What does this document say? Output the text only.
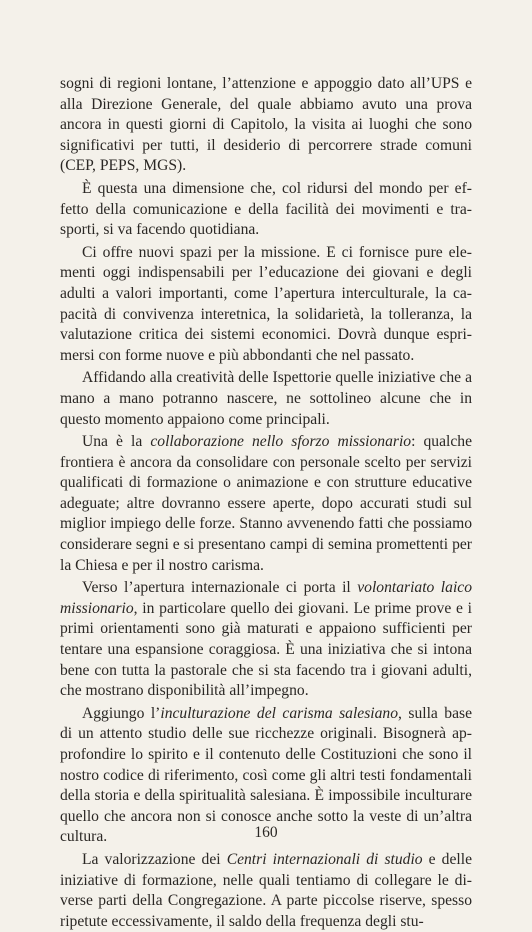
sogni di regioni lontane, l’attenzione e appoggio dato all’UPS e alla Direzione Generale, del quale abbiamo avuto una prova ancora in questi giorni di Capitolo, la visita ai luoghi che sono significativi per tutti, il desiderio di percorrere strade comuni (CEP, PEPS, MGS).

È questa una dimensione che, col ridursi del mondo per effetto della comunicazione e della facilità dei movimenti e trasporti, si va facendo quotidiana.

Ci offre nuovi spazi per la missione. E ci fornisce pure elementi oggi indispensabili per l’educazione dei giovani e degli adulti a valori importanti, come l’apertura interculturale, la capacità di convivenza interetnica, la solidarietà, la tolleranza, la valutazione critica dei sistemi economici. Dovrà dunque esprimersi con forme nuove e più abbondanti che nel passato.

Affidando alla creatività delle Ispettorie quelle iniziative che a mano a mano potranno nascere, ne sottolineo alcune che in questo momento appaiono come principali.

Una è la collaborazione nello sforzo missionario: qualche frontiera è ancora da consolidare con personale scelto per servizi qualificati di formazione o animazione e con strutture educative adeguate; altre dovranno essere aperte, dopo accurati studi sul miglior impiego delle forze. Stanno avvenendo fatti che possiamo considerare segni e si presentano campi di semina promettenti per la Chiesa e per il nostro carisma.

Verso l’apertura internazionale ci porta il volontariato laico missionario, in particolare quello dei giovani. Le prime prove e i primi orientamenti sono già maturati e appaiono sufficienti per tentare una espansione coraggiosa. È una iniziativa che si intona bene con tutta la pastorale che si sta facendo tra i giovani adulti, che mostrano disponibilità all’impegno.

Aggiungo l’inculturazione del carisma salesiano, sulla base di un attento studio delle sue ricchezze originali. Bisognerà approfondire lo spirito e il contenuto delle Costituzioni che sono il nostro codice di riferimento, così come gli altri testi fondamentali della storia e della spiritualità salesiana. È impossibile inculturare quello che ancora non si conosce anche sotto la veste di un’altra cultura.

La valorizzazione dei Centri internazionali di studio e delle iniziative di formazione, nelle quali tentiamo di collegare le diverse parti della Congregazione. A parte piccolse riserve, spesso ripetute eccessivamente, il saldo della frequenza degli stu-

160
